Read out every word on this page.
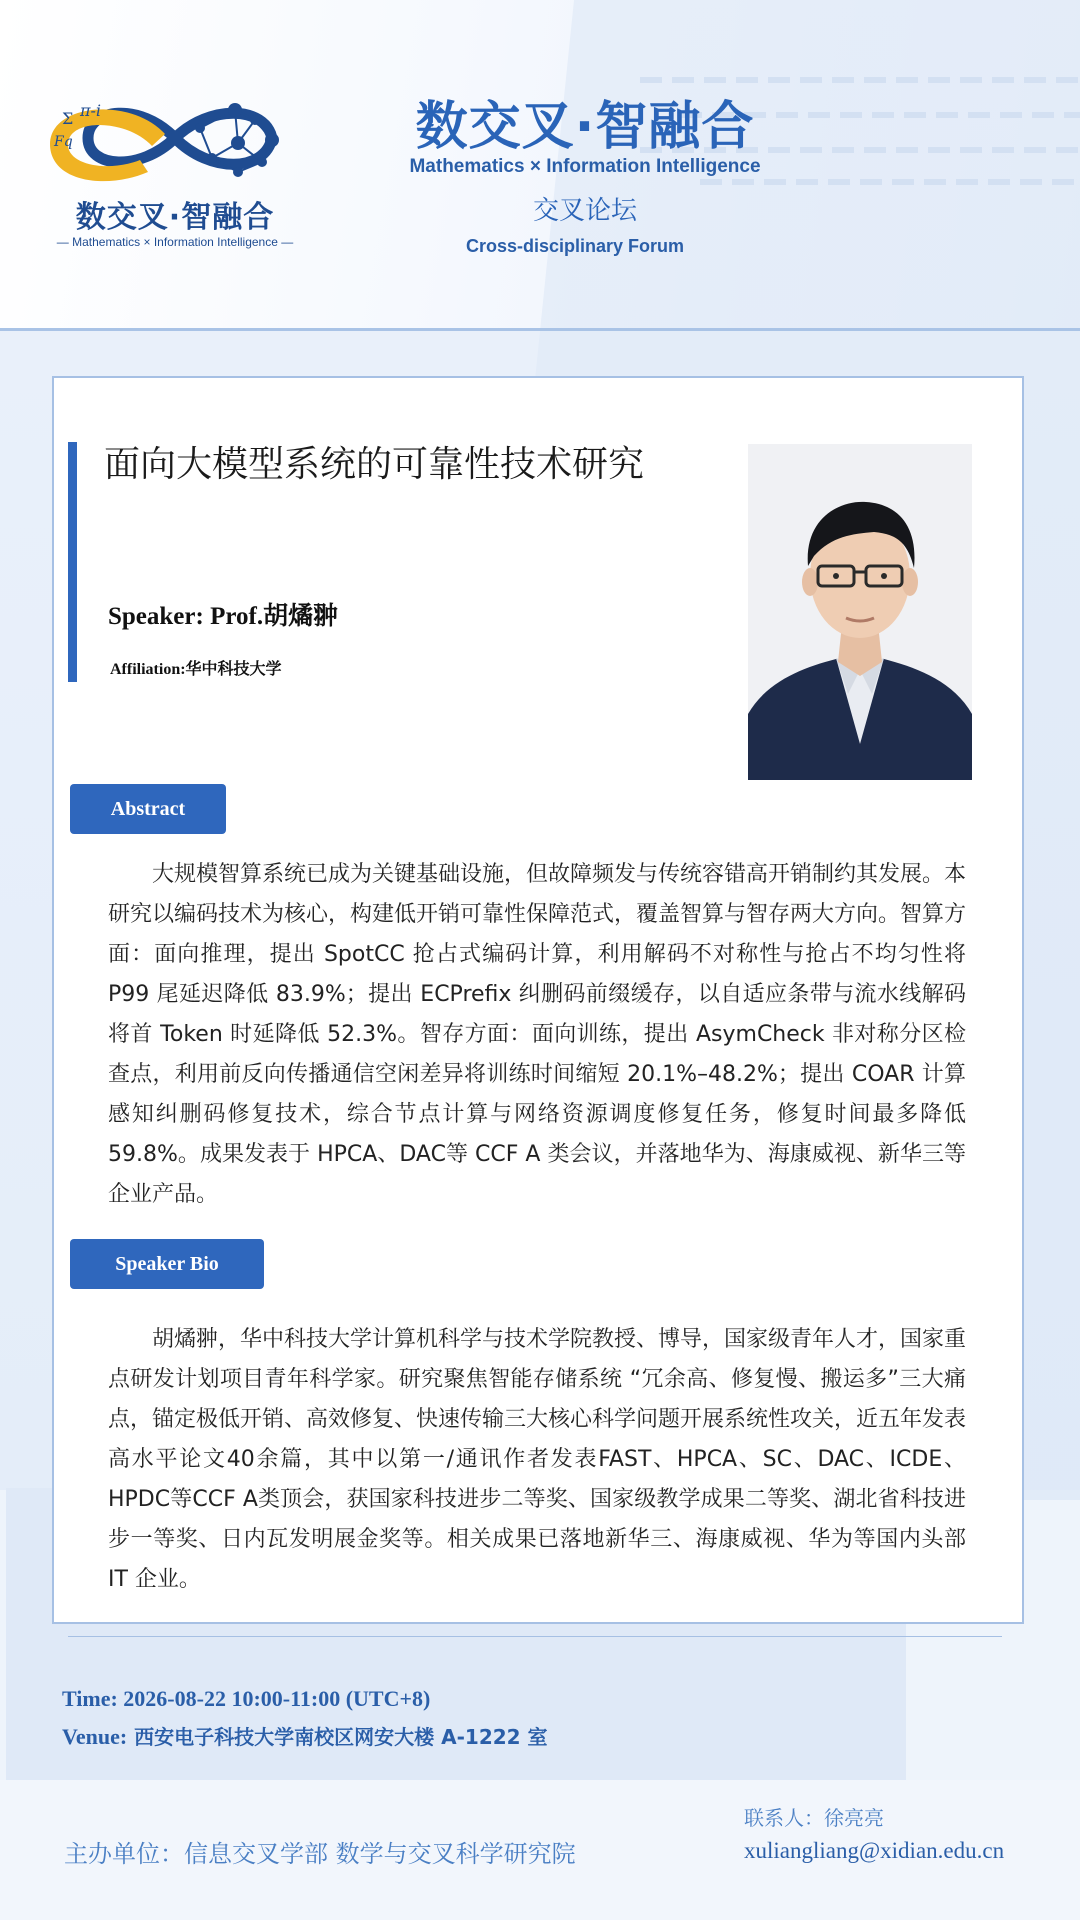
Σ π-i
Fq
数交叉·智融合
— Mathematics × Information Intelligence —
数交叉·智融合
Mathematics × Information Intelligence
交叉论坛
Cross-disciplinary Forum
面向大模型系统的可靠性技术研究
Speaker: Prof.胡燏翀
Affiliation:华中科技大学
Abstract
大规模智算系统已成为关键基础设施，但故障频发与传统容错高开销制约其发展。本研究以编码技术为核心，构建低开销可靠性保障范式，覆盖智算与智存两大方向。智算方面：面向推理，提出 SpotCC 抢占式编码计算，利用解码不对称性与抢占不均匀性将 P99 尾延迟降低 83.9%；提出 ECPrefix 纠删码前缀缓存，以自适应条带与流水线解码将首 Token 时延降低 52.3%。智存方面：面向训练，提出 AsymCheck 非对称分区检查点，利用前反向传播通信空闲差异将训练时间缩短 20.1%–48.2%；提出 COAR 计算感知纠删码修复技术，综合节点计算与网络资源调度修复任务，修复时间最多降低 59.8%。成果发表于 HPCA、DAC等 CCF A 类会议，并落地华为、海康威视、新华三等企业产品。
Speaker Bio
胡燏翀，华中科技大学计算机科学与技术学院教授、博导，国家级青年人才，国家重点研发计划项目青年科学家。研究聚焦智能存储系统 “冗余高、修复慢、搬运多”三大痛点，锚定极低开销、高效修复、快速传输三大核心科学问题开展系统性攻关，近五年发表高水平论文40余篇，其中以第一/通讯作者发表FAST、HPCA、SC、DAC、ICDE、HPDC等CCF A类顶会，获国家科技进步二等奖、国家级教学成果二等奖、湖北省科技进步一等奖、日内瓦发明展金奖等。相关成果已落地新华三、海康威视、华为等国内头部 IT 企业。
Time: 2026-08-22 10:00-11:00 (UTC+8)
Venue: 西安电子科技大学南校区网安大楼 A-1222 室
主办单位：信息交叉学部 数学与交叉科学研究院
联系人：徐亮亮
xuliangliang@xidian.edu.cn
